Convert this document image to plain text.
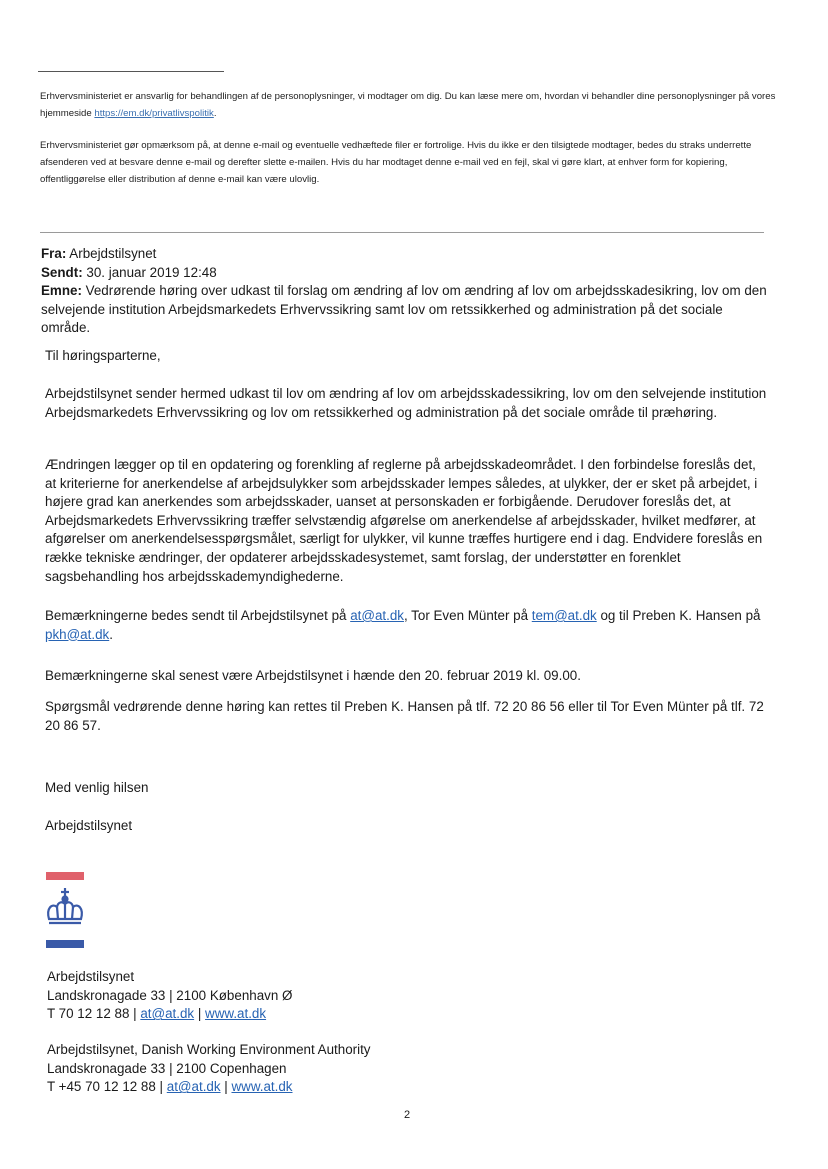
Erhvervsministeriet er ansvarlig for behandlingen af de personoplysninger, vi modtager om dig. Du kan læse mere om, hvordan vi behandler dine personoplysninger på vores hjemmeside https://em.dk/privatlivspolitik.
Erhvervsministeriet gør opmærksom på, at denne e-mail og eventuelle vedhæftede filer er fortrolige. Hvis du ikke er den tilsigtede modtager, bedes du straks underrette afsenderen ved at besvare denne e-mail og derefter slette e-mailen. Hvis du har modtaget denne e-mail ved en fejl, skal vi gøre klart, at enhver form for kopiering, offentliggørelse eller distribution af denne e-mail kan være ulovlig.
Fra: Arbejdstilsynet
Sendt: 30. januar 2019 12:48
Emne: Vedrørende høring over udkast til forslag om ændring af lov om ændring af lov om arbejdsskadesikring, lov om den selvejende institution Arbejdsmarkedets Erhvervssikring samt lov om retssikkerhed og administration på det sociale område.
Til høringsparterne,
Arbejdstilsynet sender hermed udkast til lov om ændring af lov om arbejdsskadessikring, lov om den selvejende institution Arbejdsmarkedets Erhvervssikring og lov om retssikkerhed og administration på det sociale område til præhøring.
Ændringen lægger op til en opdatering og forenkling af reglerne på arbejdsskadeområdet. I den forbindelse foreslås det, at kriterierne for anerkendelse af arbejdsulykker som arbejdsskader lempes således, at ulykker, der er sket på arbejdet, i højere grad kan anerkendes som arbejdsskader, uanset at personskaden er forbigående. Derudover foreslås det, at Arbejdsmarkedets Erhvervssikring træffer selvstændig afgørelse om anerkendelse af arbejdsskader, hvilket medfører, at afgørelser om anerkendelsesspørgsmålet, særligt for ulykker, vil kunne træffes hurtigere end i dag. Endvidere foreslås en række tekniske ændringer, der opdaterer arbejdsskadesystemet, samt forslag, der understøtter en forenklet sagsbehandling hos arbejdsskademyndighederne.
Bemærkningerne bedes sendt til Arbejdstilsynet på at@at.dk, Tor Even Münter på tem@at.dk og til Preben K. Hansen på pkh@at.dk.
Bemærkningerne skal senest være Arbejdstilsynet i hænde den 20. februar 2019 kl. 09.00.
Spørgsmål vedrørende denne høring kan rettes til Preben K. Hansen på tlf. 72 20 86 56 eller til Tor Even Münter på tlf. 72 20 86 57.
Med venlig hilsen
Arbejdstilsynet
Arbejdstilsynet
Landskronagade 33 | 2100 København Ø
T 70 12 12 88 | at@at.dk | www.at.dk
Arbejdstilsynet, Danish Working Environment Authority
Landskronagade 33 | 2100 Copenhagen
T +45 70 12 12 88 | at@at.dk | www.at.dk
2
